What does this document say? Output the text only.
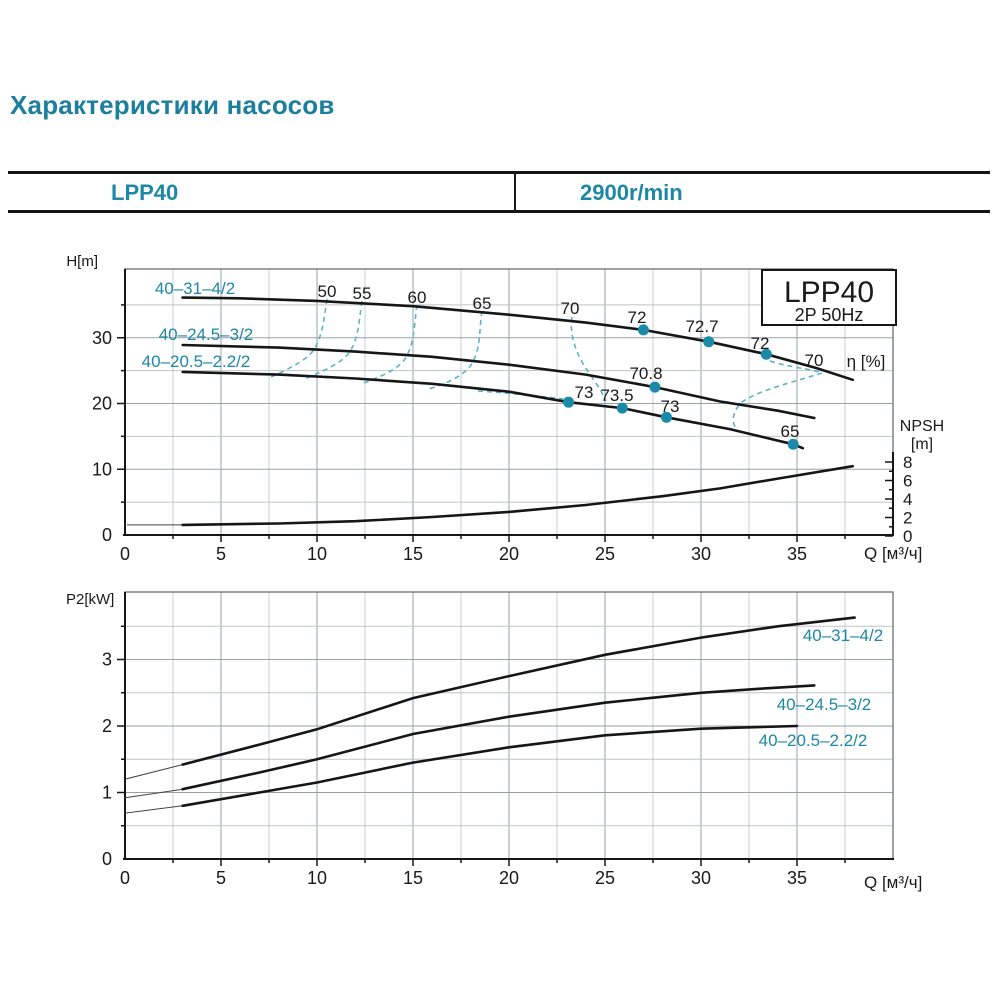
Характеристики насосов
LPP40	2900r/min
0	5	10	15	20	25	30	35
0
10
20
30
0
2
4
6
8
NPSH
[m]
72 72.7
72
70.8
73 73.5
73
65
50 55 60	65	70
70 η [%]
40–31–4/2
40–24.5–3/2
40–20.5–2.2/2
H[m]
Q [м³/ч]
LPP40
2P 50Hz
0	5	10	15	20	25	30	35
0
1
2
3
40–31–4/2
40–24.5–3/2
40–20.5–2.2/2
P2[kW]
Q [м³/ч]
